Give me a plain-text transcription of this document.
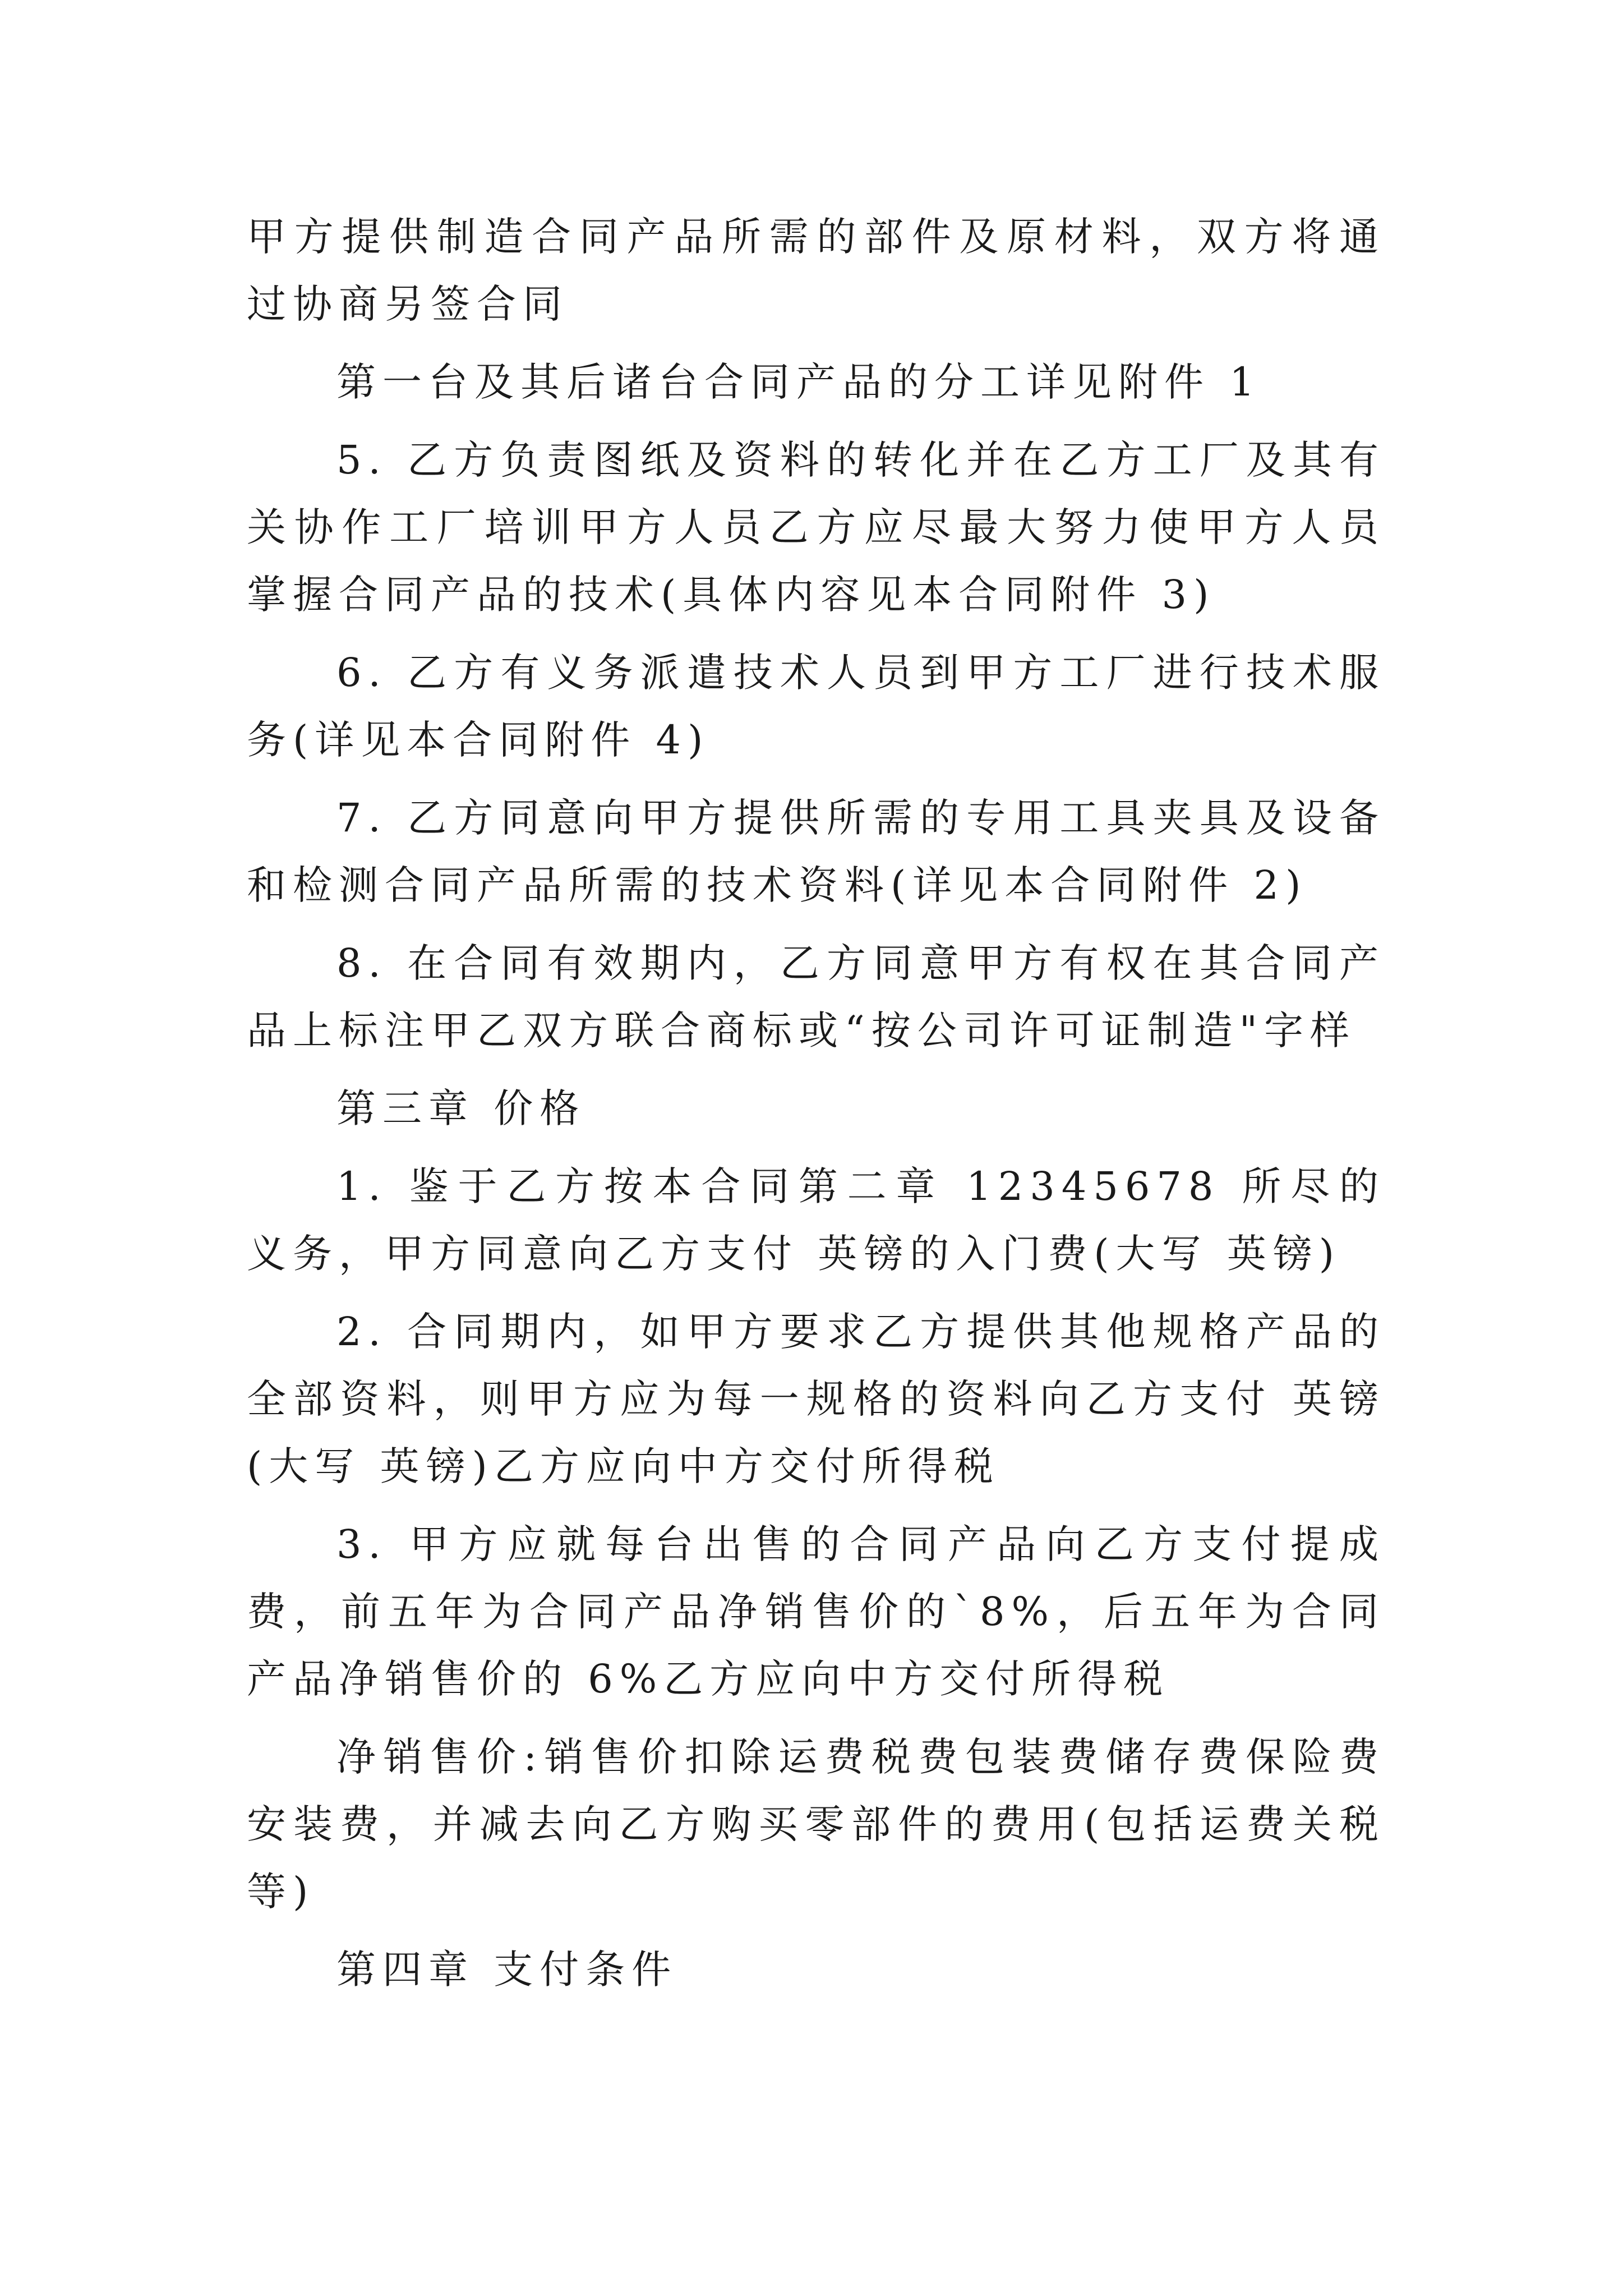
甲方提供制造合同产品所需的部件及原材料，双方将通过协商另签合同

第一台及其后诸台合同产品的分工详见附件 1

5. 乙方负责图纸及资料的转化并在乙方工厂及其有关协作工厂培训甲方人员乙方应尽最大努力使甲方人员掌握合同产品的技术(具体内容见本合同附件 3)

6. 乙方有义务派遣技术人员到甲方工厂进行技术服务(详见本合同附件 4)

7. 乙方同意向甲方提供所需的专用工具夹具及设备和检测合同产品所需的技术资料(详见本合同附件 2)

8. 在合同有效期内，乙方同意甲方有权在其合同产品上标注甲乙双方联合商标或“按公司许可证制造"字样

第三章 价格

1. 鉴于乙方按本合同第二章 12345678 所尽的义务，甲方同意向乙方支付 英镑的入门费(大写 英镑)

2. 合同期内，如甲方要求乙方提供其他规格产品的全部资料，则甲方应为每一规格的资料向乙方支付 英镑(大写 英镑)乙方应向中方交付所得税

3. 甲方应就每台出售的合同产品向乙方支付提成费，前五年为合同产品净销售价的`8%，后五年为合同产品净销售价的 6%乙方应向中方交付所得税

净销售价:销售价扣除运费税费包装费储存费保险费安装费，并减去向乙方购买零部件的费用(包括运费关税等)

第四章 支付条件
